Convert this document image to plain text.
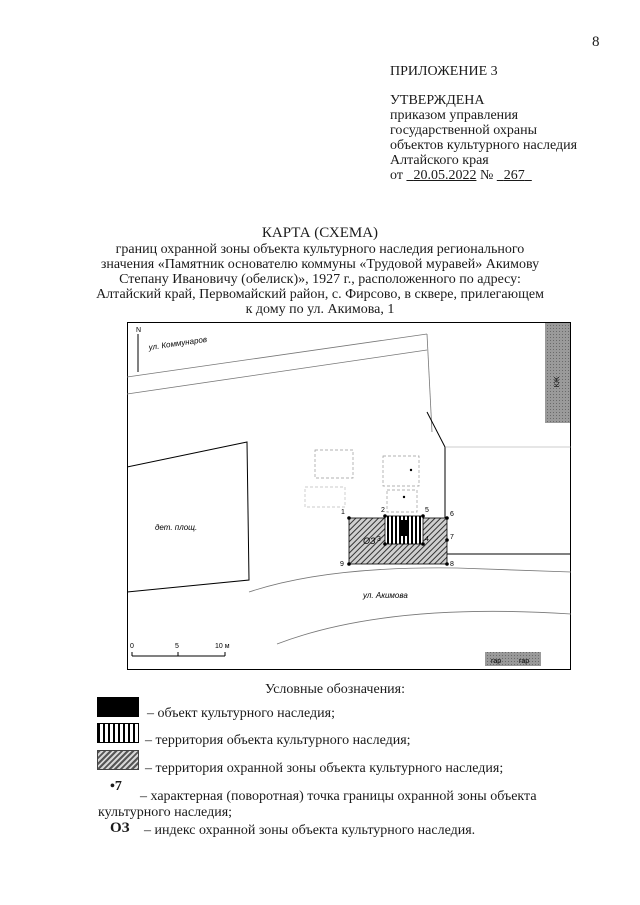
8
ПРИЛОЖЕНИЕ 3
УТВЕРЖДЕНА
приказом управления
государственной охраны
объектов культурного наследия
Алтайского края
от 20.05.2022 № 267
КАРТА (СХЕМА)
границ охранной зоны объекта культурного наследия регионального
значения «Памятник основателю коммуны «Трудовой муравей» Акимову
Степану Ивановичу (обелиск)», 1927 г., расположенного по адресу:
Алтайский край, Первомайский район, с. Фирсово, в сквере, прилегающем
к дому по ул. Акимова, 1
N
ул. Коммунаров
КЖ
дет. площ.
ОЗ
1	2
3	4
5
6
7
8
9
ул. Акимова
гар	гар
0	5	10 м
Условные обозначения:
– объект культурного наследия;
– территория объекта культурного наследия;
– территория охранной зоны объекта культурного наследия;
•7
– характерная (поворотная) точка границы охранной зоны объекта
культурного наследия;
ОЗ – индекс охранной зоны объекта культурного наследия.
